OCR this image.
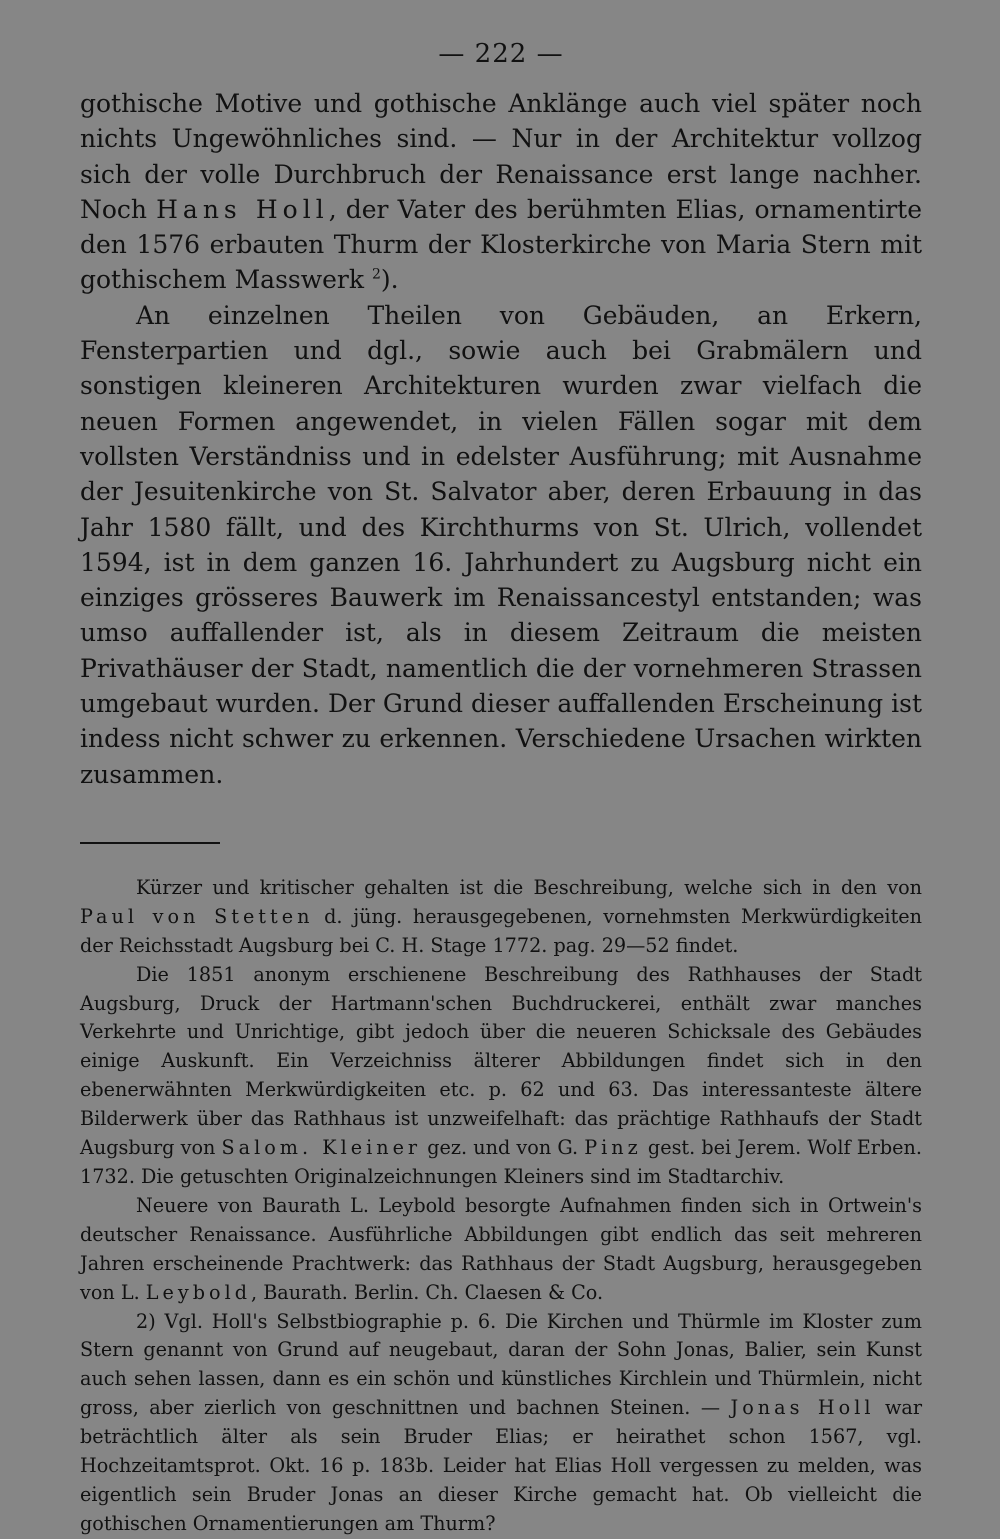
— 222 —

gothische Motive und gothische Anklänge auch viel später noch nichts Ungewöhnliches sind. — Nur in der Architektur vollzog sich der volle Durchbruch der Renaissance erst lange nachher. Noch Hans Holl, der Vater des berühmten Elias, ornamentirte den 1576 erbauten Thurm der Klosterkirche von Maria Stern mit gothischem Masswerk $^2$).

An einzelnen Theilen von Gebäuden, an Erkern, Fensterpartien und dgl., sowie auch bei Grabmälern und sonstigen kleineren Architekturen wurden zwar vielfach die neuen Formen angewendet, in vielen Fällen sogar mit dem vollsten Verständniss und in edelster Ausführung; mit Ausnahme der Jesuitenkirche von St. Salvator aber, deren Erbauung in das Jahr 1580 fällt, und des Kirchthurms von St. Ulrich, vollendet 1594, ist in dem ganzen 16. Jahrhundert zu Augsburg nicht ein einziges grösseres Bauwerk im Renaissancestyl entstanden; was umso auffallender ist, als in diesem Zeitraum die meisten Privathäuser der Stadt, namentlich die der vornehmeren Strassen umgebaut wurden. Der Grund dieser auffallenden Erscheinung ist indess nicht schwer zu erkennen. Verschiedene Ursachen wirkten zusammen.

Kürzer und kritischer gehalten ist die Beschreibung, welche sich in den von Paul von Stetten d. jüng. herausgegebenen, vornehmsten Merkwürdigkeiten der Reichsstadt Augsburg bei C. H. Stage 1772. pag. 29—52 findet.

Die 1851 anonym erschienene Beschreibung des Rathhauses der Stadt Augsburg, Druck der Hartmann'schen Buchdruckerei, enthält zwar manches Verkehrte und Unrichtige, gibt jedoch über die neueren Schicksale des Gebäudes einige Auskunft. Ein Verzeichniss älterer Abbildungen findet sich in den ebenerwähnten Merkwürdigkeiten etc. p. 62 und 63. Das interessanteste ältere Bilderwerk über das Rathhaus ist unzweifelhaft: das prächtige Rathhaufs der Stadt Augsburg von Salom. Kleiner gez. und von G. Pinz gest. bei Jerem. Wolf Erben. 1732. Die getuschten Originalzeichnungen Kleiners sind im Stadtarchiv.

Neuere von Baurath L. Leybold besorgte Aufnahmen finden sich in Ortwein's deutscher Renaissance. Ausführliche Abbildungen gibt endlich das seit mehreren Jahren erscheinende Prachtwerk: das Rathhaus der Stadt Augsburg, herausgegeben von L. Leybold, Baurath. Berlin. Ch. Claesen & Co.

2) Vgl. Holl's Selbstbiographie p. 6. Die Kirchen und Thürmle im Kloster zum Stern genannt von Grund auf neugebaut, daran der Sohn Jonas, Balier, sein Kunst auch sehen lassen, dann es ein schön und künstliches Kirchlein und Thürmlein, nicht gross, aber zierlich von geschnittnen und bachnen Steinen. — Jonas Holl war beträchtlich älter als sein Bruder Elias; er heirathet schon 1567, vgl. Hochzeitamtsprot. Okt. 16 p. 183b. Leider hat Elias Holl vergessen zu melden, was eigentlich sein Bruder Jonas an dieser Kirche gemacht hat. Ob vielleicht die gothischen Ornamentierungen am Thurm?
